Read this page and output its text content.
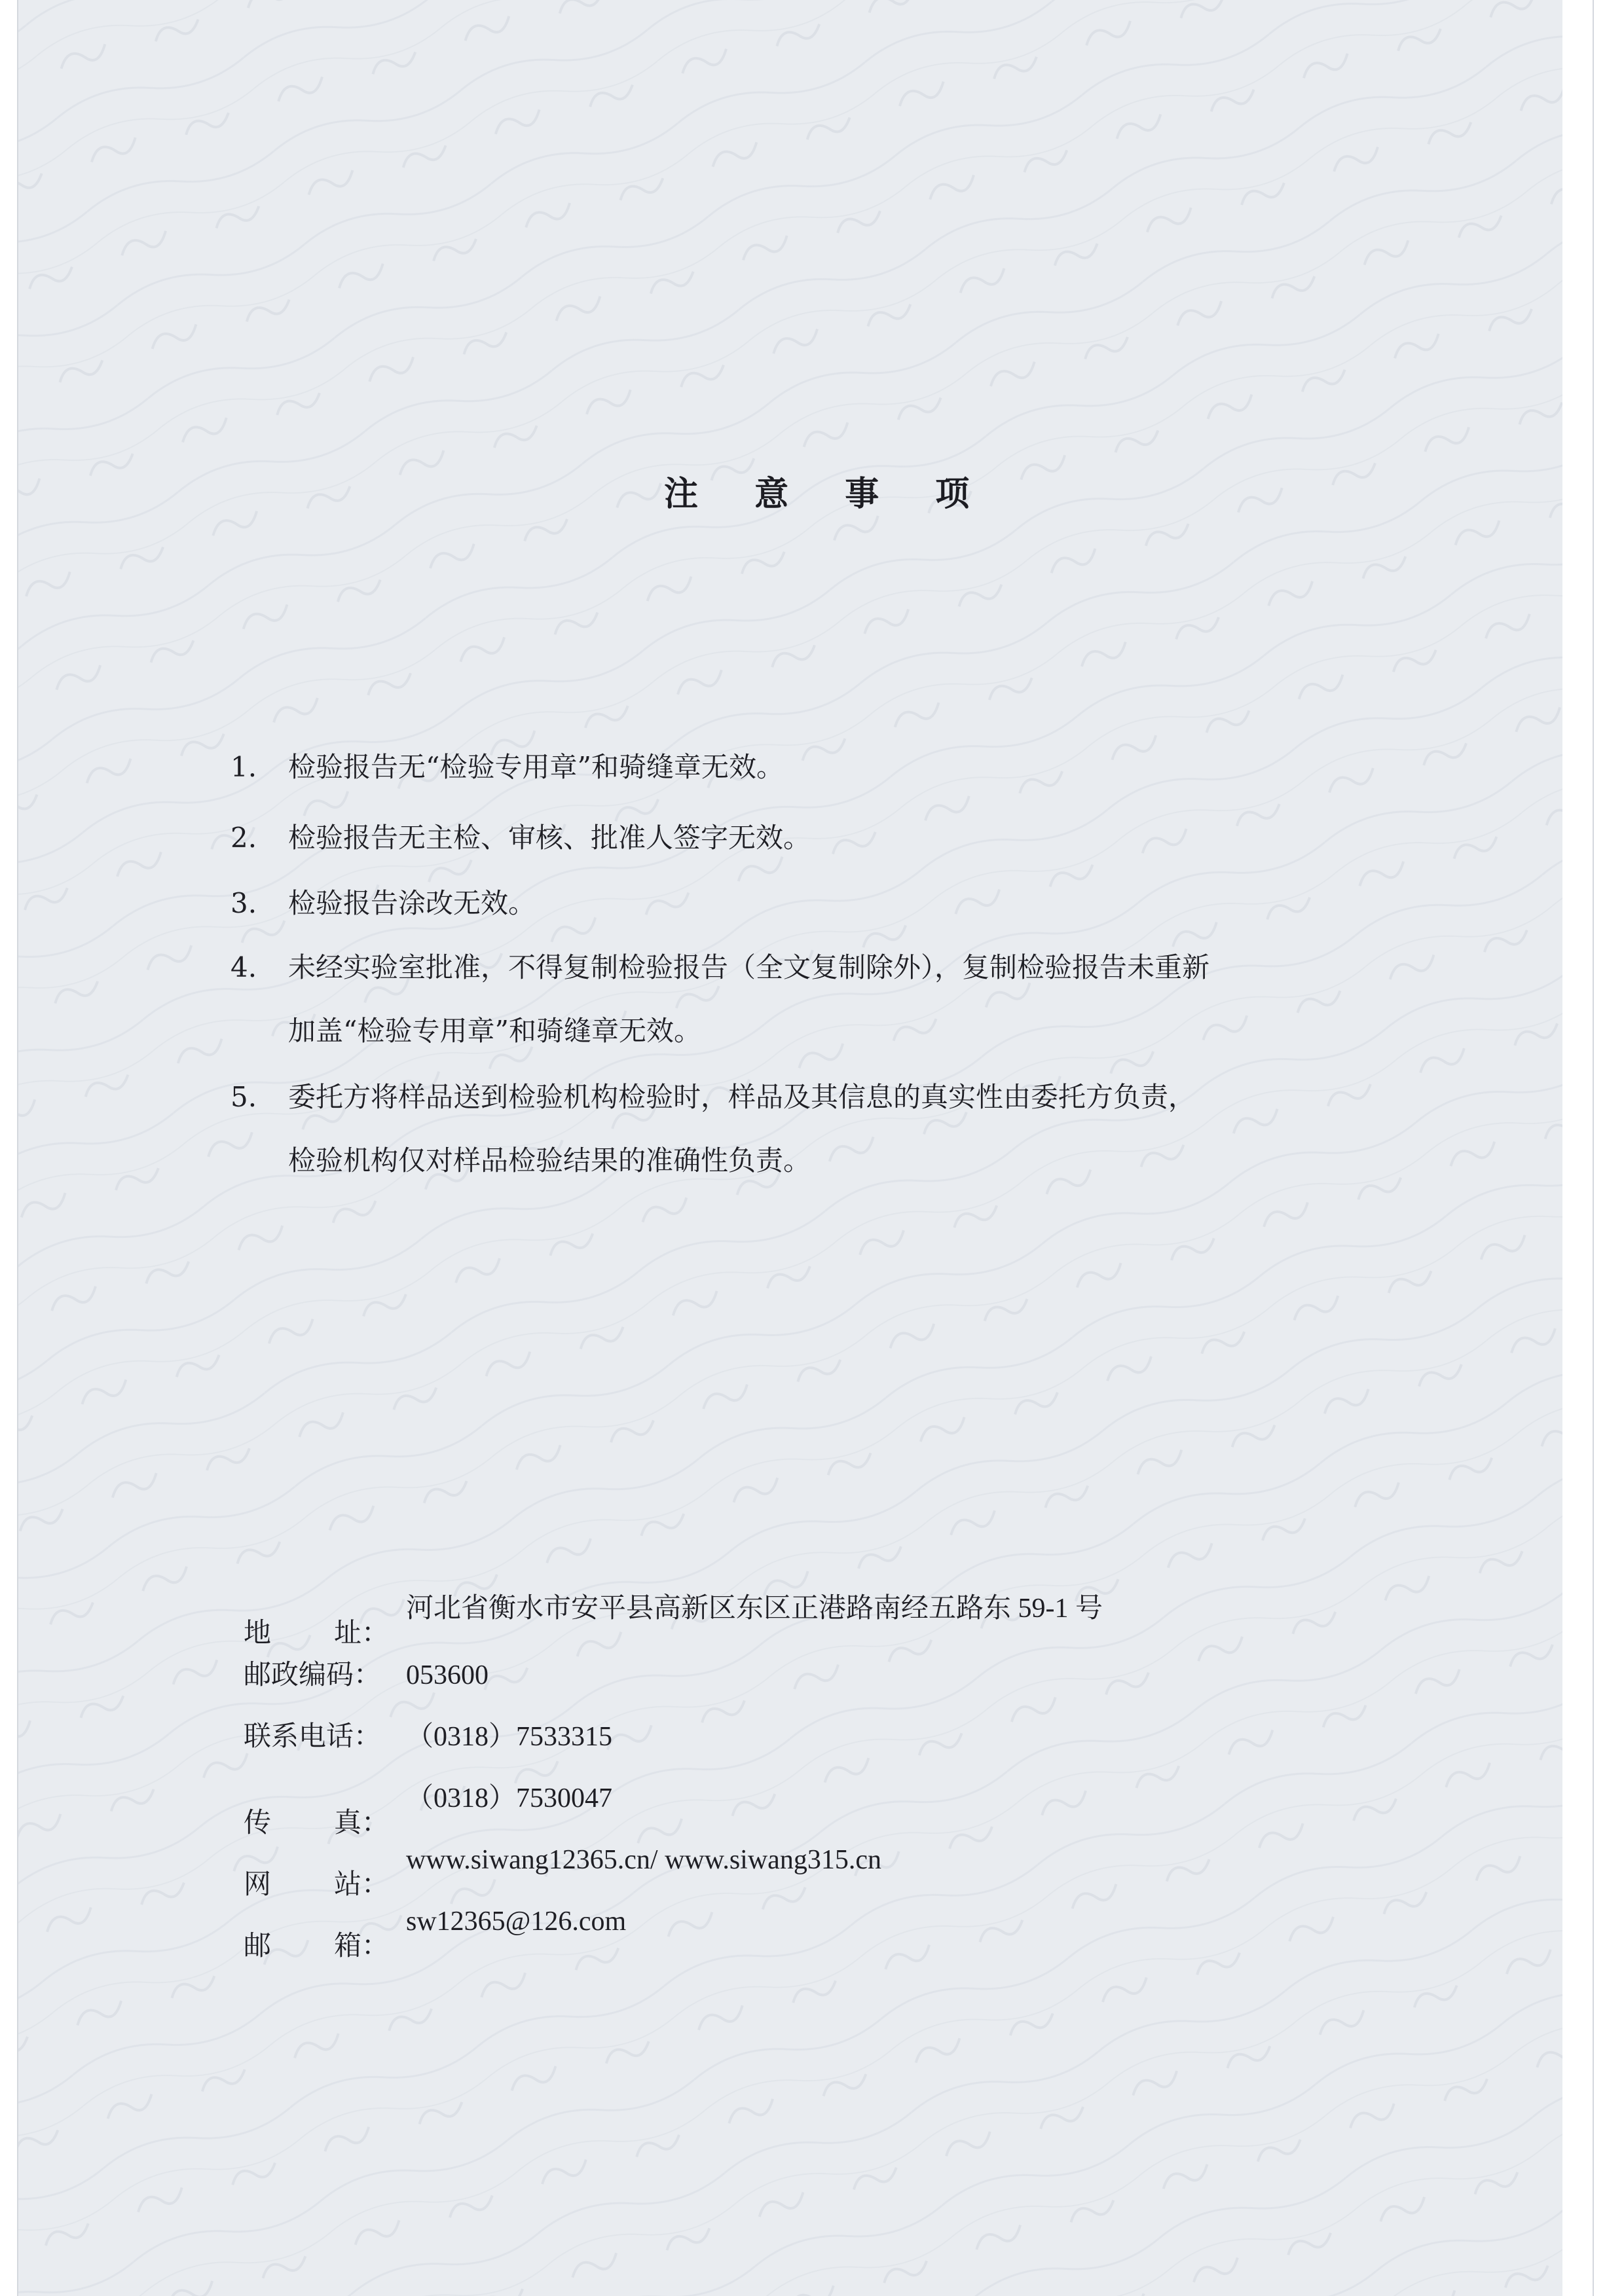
注 意 事 项
1.	检验报告无“检验专用章”和骑缝章无效。
2.	检验报告无主检、审核、批准人签字无效。
3.	检验报告涂改无效。
4.	未经实验室批准，不得复制检验报告（全文复制除外），复制检验报告未重新
加盖“检验专用章”和骑缝章无效。
5.	委托方将样品送到检验机构检验时，样品及其信息的真实性由委托方负责，
检验机构仅对样品检验结果的准确性负责。
地 址：
河北省衡水市安平县高新区东区正港路南经五路东 59-1 号
邮政编码： 053600
联系电话： （0318）7533315
传 真：
（0318）7530047
网 站：
www.siwang12365.cn/ www.siwang315.cn
邮 箱：
sw12365@126.com
